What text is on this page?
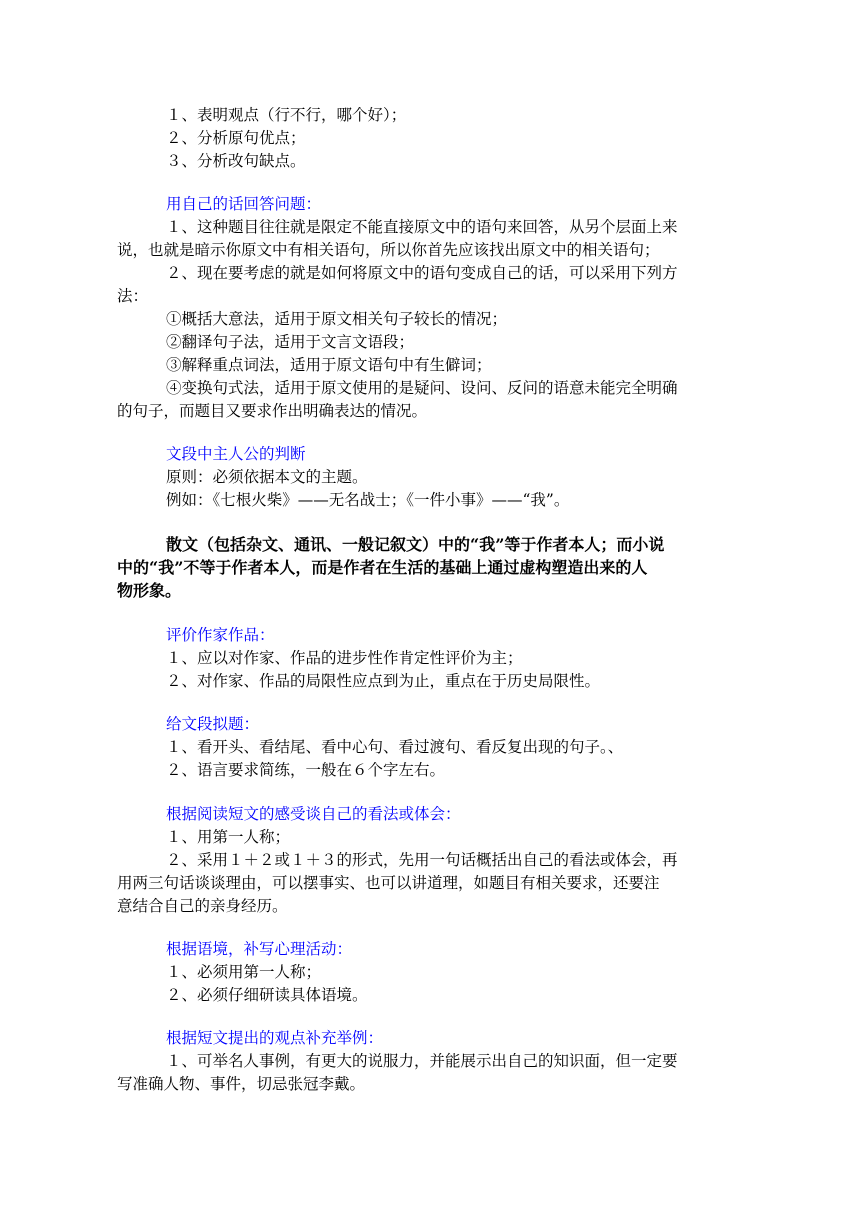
１、表明观点（行不行，哪个好）；
２、分析原句优点；
３、分析改句缺点。
用自己的话回答问题：
１、这种题目往往就是限定不能直接原文中的语句来回答，从另个层面上来
说，也就是暗示你原文中有相关语句，所以你首先应该找出原文中的相关语句；
２、现在要考虑的就是如何将原文中的语句变成自己的话，可以采用下列方
法：
①概括大意法，适用于原文相关句子较长的情况；
②翻译句子法，适用于文言文语段；
③解释重点词法，适用于原文语句中有生僻词；
④变换句式法，适用于原文使用的是疑问、设问、反问的语意未能完全明确
的句子，而题目又要求作出明确表达的情况。
文段中主人公的判断
原则：必须依据本文的主题。
例如：《七根火柴》——无名战士；《一件小事》——“我”。
散文（包括杂文、通讯、一般记叙文）中的“我”等于作者本人；而小说
中的“我”不等于作者本人，而是作者在生活的基础上通过虚构塑造出来的人
物形象。
评价作家作品：
１、应以对作家、作品的进步性作肯定性评价为主；
２、对作家、作品的局限性应点到为止，重点在于历史局限性。
给文段拟题：
１、看开头、看结尾、看中心句、看过渡句、看反复出现的句子。、
２、语言要求简练，一般在６个字左右。
根据阅读短文的感受谈自己的看法或体会：
１、用第一人称；
２、采用１＋２或１＋３的形式，先用一句话概括出自己的看法或体会，再
用两三句话谈谈理由，可以摆事实、也可以讲道理，如题目有相关要求，还要注
意结合自己的亲身经历。
根据语境，补写心理活动：
１、必须用第一人称；
２、必须仔细研读具体语境。
根据短文提出的观点补充举例：
１、可举名人事例，有更大的说服力，并能展示出自己的知识面，但一定要
写准确人物、事件，切忌张冠李戴。
